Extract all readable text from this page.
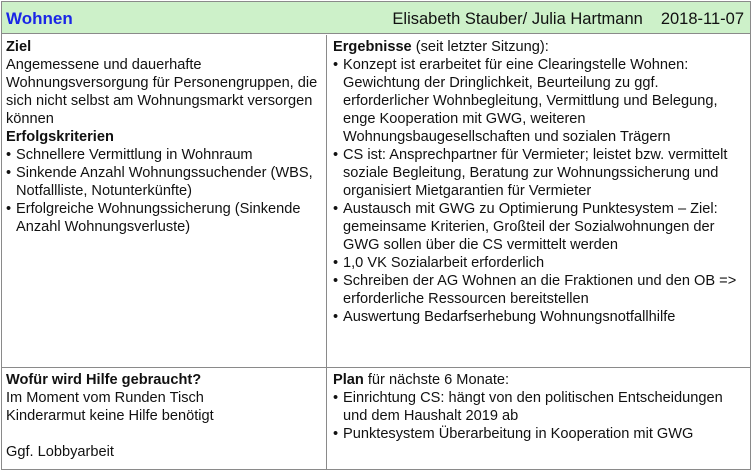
Wohnen	Elisabeth Stauber/ Julia Hartmann 2018-11-07
Ziel
Angemessene und dauerhafte Wohnungsversorgung für Personengruppen, die sich nicht selbst am Wohnungsmarkt versorgen können
Erfolgskriterien
• Schnellere Vermittlung in Wohnraum
• Sinkende Anzahl Wohnungssuchender (WBS, Notfallliste, Notunterkünfte)
• Erfolgreiche Wohnungssicherung (Sinkende Anzahl Wohnungsverluste)
Ergebnisse (seit letzter Sitzung):
• Konzept ist erarbeitet für eine Clearingstelle Wohnen: Gewichtung der Dringlichkeit, Beurteilung zu ggf. erforderlicher Wohnbegleitung, Vermittlung und Belegung, enge Kooperation mit GWG, weiteren Wohnungsbaugesellschaften und sozialen Trägern
• CS ist: Ansprechpartner für Vermieter; leistet bzw. vermittelt soziale Begleitung, Beratung zur Wohnungssicherung und organisiert Mietgarantien für Vermieter
• Austausch mit GWG zu Optimierung Punktesystem – Ziel: gemeinsame Kriterien, Großteil der Sozialwohnungen der GWG sollen über die CS vermittelt werden
• 1,0 VK Sozialarbeit erforderlich
• Schreiben der AG Wohnen an die Fraktionen und den OB => erforderliche Ressourcen bereitstellen
• Auswertung Bedarfserhebung Wohnungsnotfallhilfe
Wofür wird Hilfe gebraucht?
Im Moment vom Runden Tisch
Kinderarmut keine Hilfe benötigt
Ggf. Lobbyarbeit
Plan für nächste 6 Monate:
• Einrichtung CS: hängt von den politischen Entscheidungen und dem Haushalt 2019 ab
• Punktesystem Überarbeitung in Kooperation mit GWG
